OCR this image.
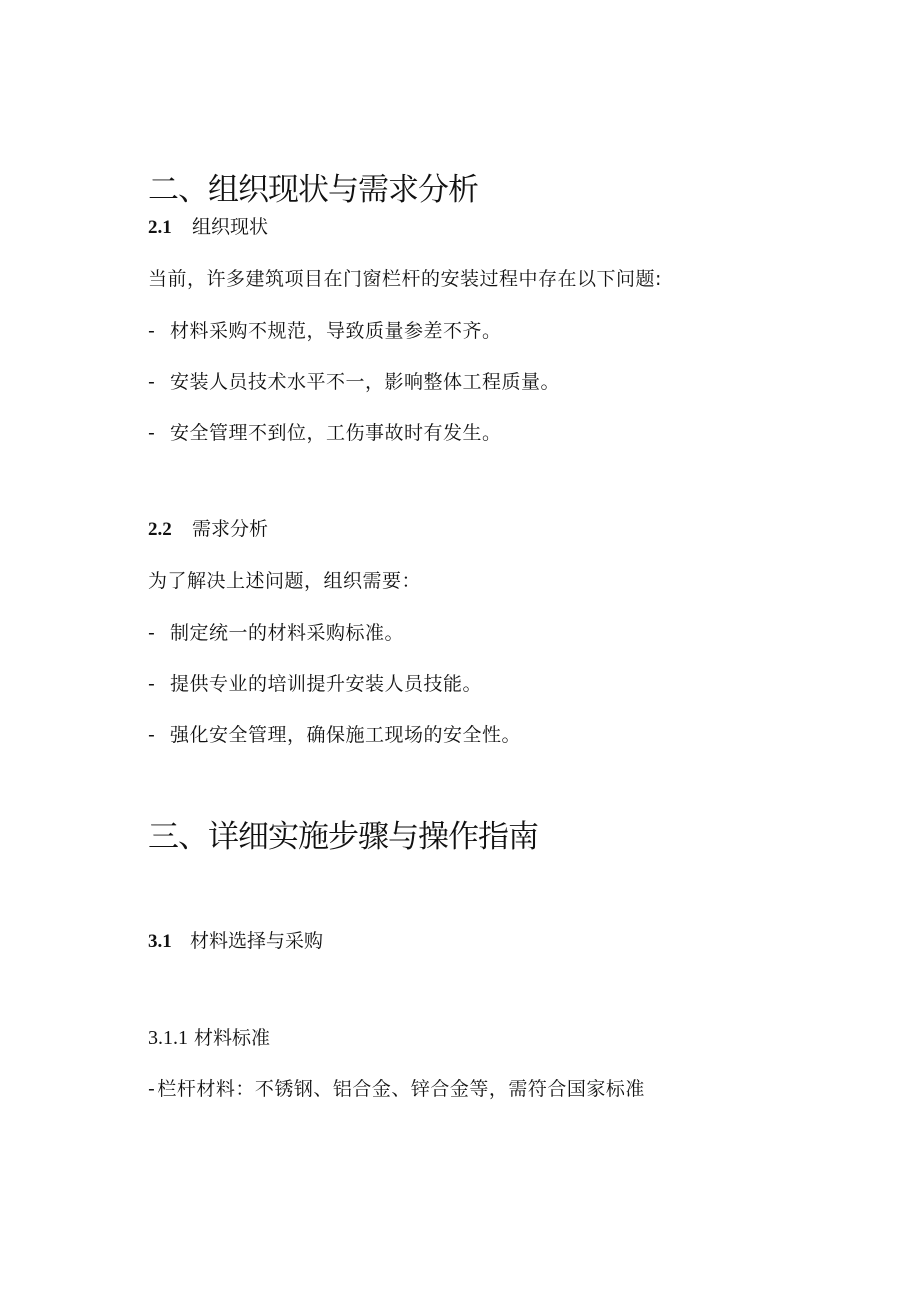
二、组织现状与需求分析
2.1 组织现状

当前，许多建筑项目在门窗栏杆的安装过程中存在以下问题:

- 材料采购不规范，导致质量参差不齐。
- 安装人员技术水平不一，影响整体工程质量。
- 安全管理不到位，工伤事故时有发生。
2.2 需求分析

为了解决上述问题，组织需要：

- 制定统一的材料采购标准。
- 提供专业的培训提升安装人员技能。
- 强化安全管理，确保施工现场的安全性。
三、详细实施步骤与操作指南
3.1 材料选择与采购
3.1.1 材料标准
- 栏杆材料：不锈钢、铝合金、锌合金等，需符合国家标准
